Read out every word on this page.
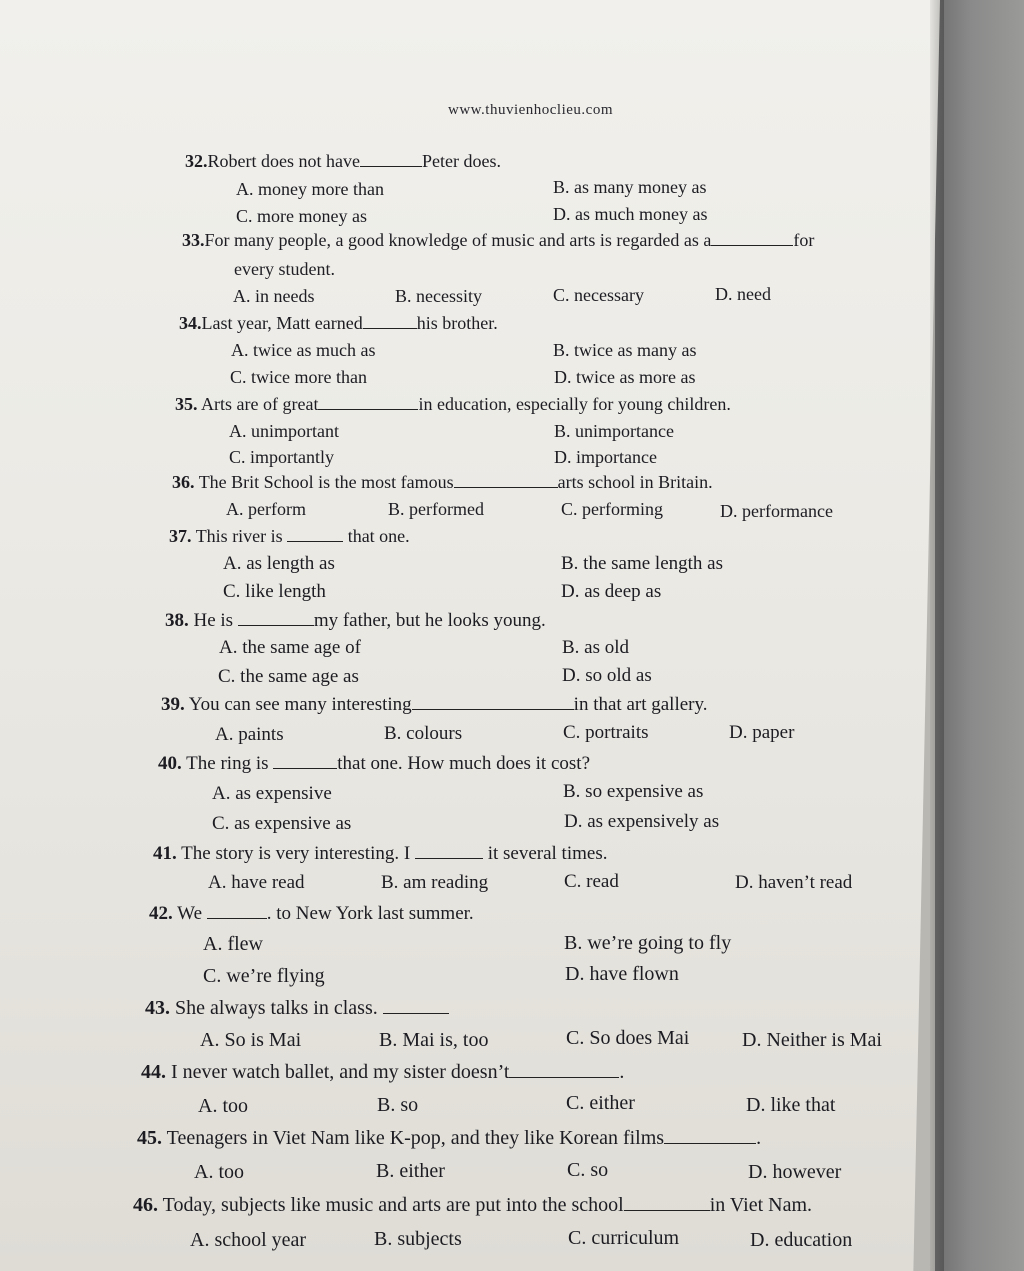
www.thuvienhoclieu.com
32.Robert does not have	Peter does.
A. money more than	B. as many money as
C. more money as	D. as much money as
33.For many people, a good knowledge of music and arts is regarded as a	for
every student.
A. in needs	B. necessity	C. necessary	D. need
34.Last year, Matt earned	his brother.
A. twice as much as	B. twice as many as
C. twice more than	D. twice as more as
35. Arts are of great	in education, especially for young children.
A. unimportant	B. unimportance
C. importantly	D. importance
36. The Brit School is the most famous	arts school in Britain.
A. perform	B. performed	C. performing	D. performance
37. This river is	that one.
A. as length as	B. the same length as
C. like length	D. as deep as
38. He is	my father, but he looks young.
A. the same age of	B. as old
C. the same age as	D. so old as
39. You can see many interesting	in that art gallery.
A. paints	B. colours	C. portraits	D. paper
40. The ring is	that one. How much does it cost?
A. as expensive	B. so expensive as
C. as expensive as	D. as expensively as
41. The story is very interesting. I	it several times.
A. have read	B. am reading	C. read	D. haven’t read
42. We	. to New York last summer.
A. flew	B. we’re going to fly
C. we’re flying	D. have flown
43. She always talks in class.
A. So is Mai	B. Mai is, too	C. So does Mai	D. Neither is Mai
44. I never watch ballet, and my sister doesn’t	.
A. too	B. so	C. either	D. like that
45. Teenagers in Viet Nam like K-pop, and they like Korean films	.
A. too	B. either	C. so	D. however
46. Today, subjects like music and arts are put into the school	in Viet Nam.
A. school year	B. subjects	C. curriculum	D. education
